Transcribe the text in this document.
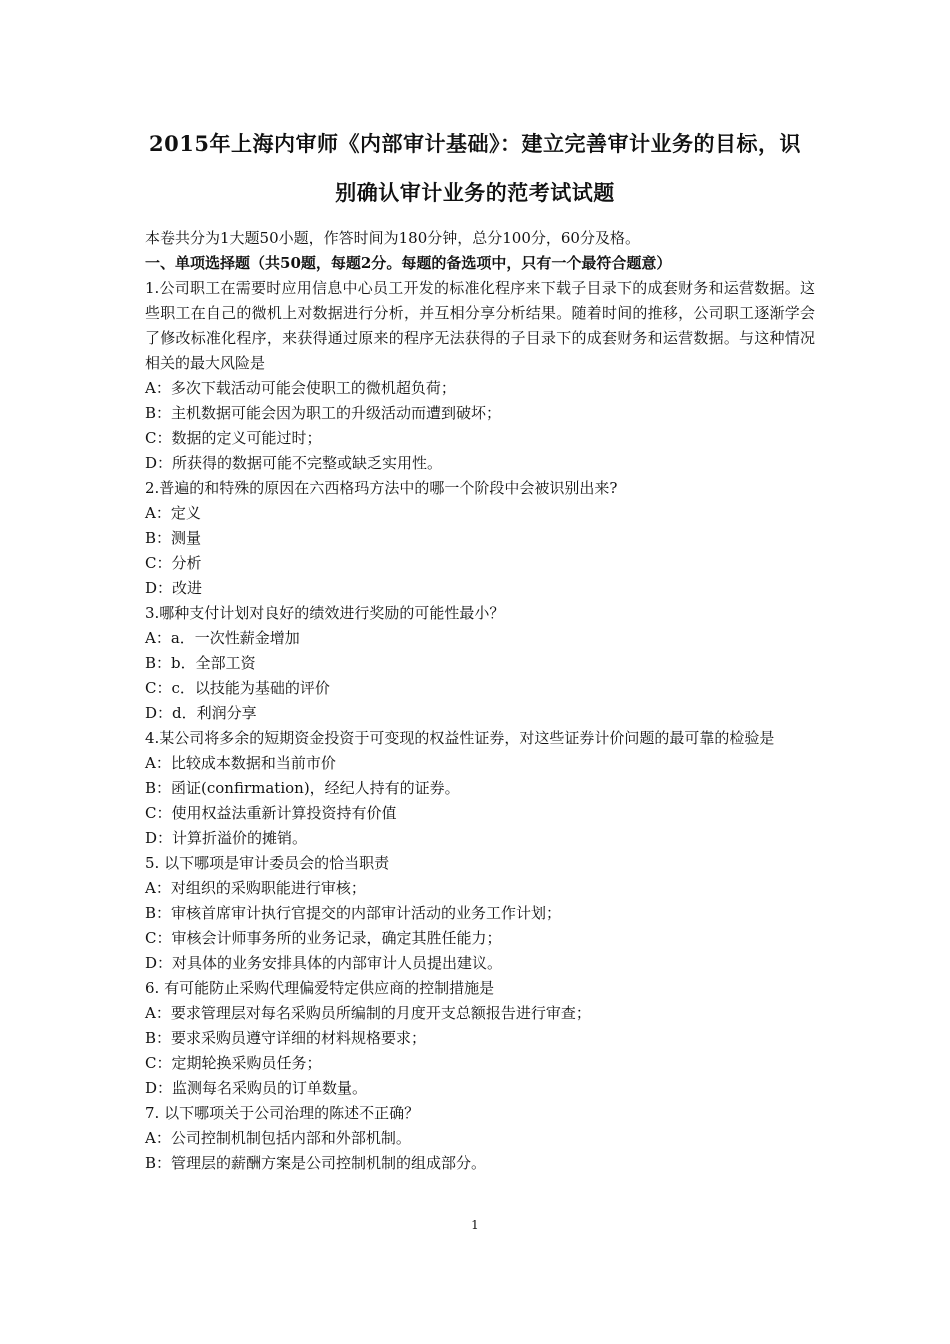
2015年上海内审师《内部审计基础》：建立完善审计业务的目标，识
别确认审计业务的范考试试题
本卷共分为1大题50小题，作答时间为180分钟，总分100分，60分及格。
一、单项选择题（共50题，每题2分。每题的备选项中，只有一个最符合题意）
1.公司职工在需要时应用信息中心员工开发的标准化程序来下载子目录下的成套财务和运营数据。这些职工在自己的微机上对数据进行分析，并互相分享分析结果。随着时间的推移，公司职工逐渐学会了修改标准化程序，来获得通过原来的程序无法获得的子目录下的成套财务和运营数据。与这种情况相关的最大风险是
A：多次下载活动可能会使职工的微机超负荷；
B：主机数据可能会因为职工的升级活动而遭到破坏；
C：数据的定义可能过时；
D：所获得的数据可能不完整或缺乏实用性。
2.普遍的和特殊的原因在六西格玛方法中的哪一个阶段中会被识别出来?
A：定义
B：测量
C：分析
D：改进
3.哪种支付计划对良好的绩效进行奖励的可能性最小？
A：a．一次性薪金增加
B：b．全部工资
C：c．以技能为基础的评价
D：d．利润分享
4.某公司将多余的短期资金投资于可变现的权益性证券，对这些证券计价问题的最可靠的检验是
A：比较成本数据和当前市价
B：函证(confirmation)，经纪人持有的证券。
C：使用权益法重新计算投资持有价值
D：计算折溢价的摊销。
5. 以下哪项是审计委员会的恰当职责
A：对组织的采购职能进行审核；
B：审核首席审计执行官提交的内部审计活动的业务工作计划；
C：审核会计师事务所的业务记录，确定其胜任能力；
D：对具体的业务安排具体的内部审计人员提出建议。
6. 有可能防止采购代理偏爱特定供应商的控制措施是
A：要求管理层对每名采购员所编制的月度开支总额报告进行审查；
B：要求采购员遵守详细的材料规格要求；
C：定期轮换采购员任务；
D：监测每名采购员的订单数量。
7. 以下哪项关于公司治理的陈述不正确？
A：公司控制机制包括内部和外部机制。
B：管理层的薪酬方案是公司控制机制的组成部分。
1
